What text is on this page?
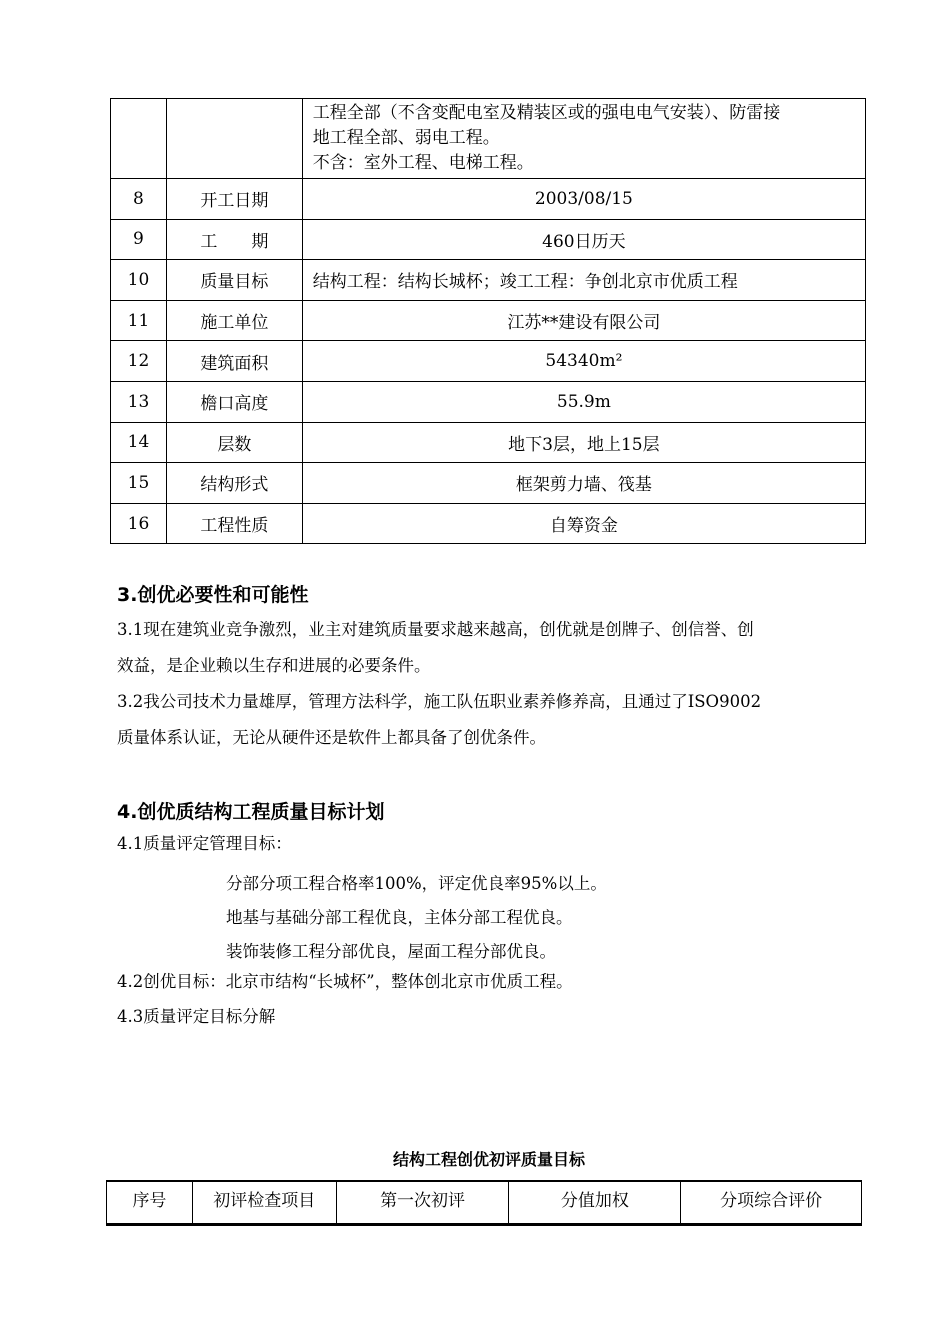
		工程全部（不含变配电室及精装区或的强电电气安装）、防雷接
地工程全部、弱电工程。
不含：室外工程、电梯工程。

8	开工日期	2003/08/15
9	工　　期	460日历天
10	质量目标	结构工程：结构长城杯；竣工工程：争创北京市优质工程
11	施工单位	江苏**建设有限公司
12	建筑面积	54340m²
13	檐口高度	55.9m
14	层数	地下3层，地上15层
15	结构形式	框架剪力墙、筏基
16	工程性质	自筹资金
3.创优必要性和可能性
3.1现在建筑业竞争激烈，业主对建筑质量要求越来越高，创优就是创牌子、创信誉、创
效益，是企业赖以生存和进展的必要条件。
3.2我公司技术力量雄厚，管理方法科学，施工队伍职业素养修养高，且通过了ISO9002
质量体系认证，无论从硬件还是软件上都具备了创优条件。
4.创优质结构工程质量目标计划
4.1质量评定管理目标：
分部分项工程合格率100%，评定优良率95%以上。
地基与基础分部工程优良，主体分部工程优良。
装饰装修工程分部优良，屋面工程分部优良。
4.2创优目标：北京市结构“长城杯”，整体创北京市优质工程。
4.3质量评定目标分解
结构工程创优初评质量目标
序号	初评检查项目	第一次初评	分值加权	分项综合评价
